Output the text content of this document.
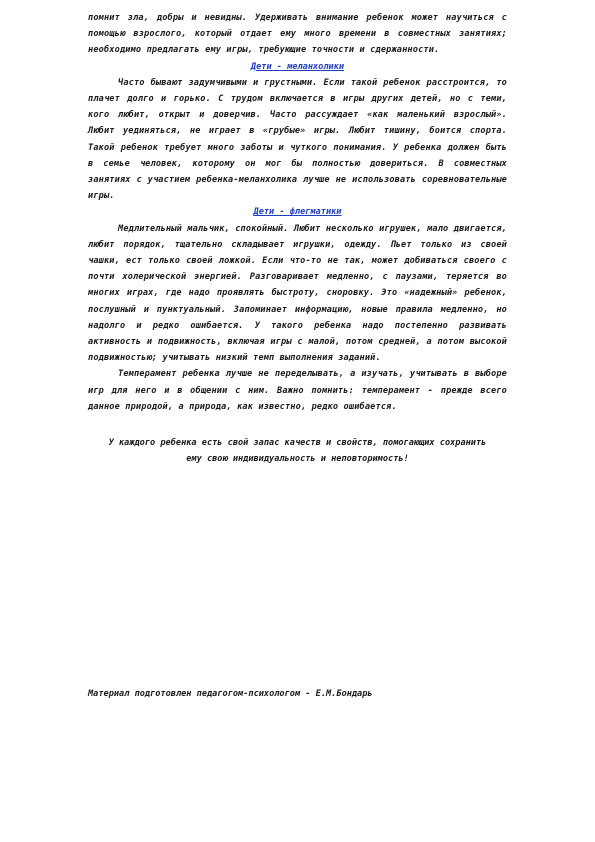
помнит зла, добры и невидны. Удерживать внимание ребенок может научиться с помощью взрослого, который отдает ему много времени в совместных занятиях; необходимо предлагать ему игры, требующие точности и сдержанности.

Дети - меланхолики

Часто бывают задумчивыми и грустными. Если такой ребенок расстроится, то плачет долго и горько. С трудом включается в игры других детей, но с теми, кого любит, открыт и доверчив. Часто рассуждает «как маленький взрослый». Любит уединяться, не играет в «грубые» игры. Любит тишину, боится спорта. Такой ребенок требует много заботы и чуткого понимания. У ребенка должен быть в семье человек, которому он мог бы полностью довериться. В совместных занятиях с участием ребенка-меланхолика лучше не использовать соревновательные игры.

Дети - флегматики

Медлительный мальчик, спокойный. Любит несколько игрушек, мало двигается, любит порядок, тщательно складывает игрушки, одежду. Пьет только из своей чашки, ест только своей ложкой. Если что-то не так, может добиваться своего с почти холерической энергией. Разговаривает медленно, с паузами, теряется во многих играх, где надо проявлять быстроту, сноровку. Это «надежный» ребенок, послушный и пунктуальный. Запоминает информацию, новые правила медленно, но надолго и редко ошибается. У такого ребенка надо постепенно развивать активность и подвижность, включая игры с малой, потом средней, а потом высокой подвижностью; учитывать низкий темп выполнения заданий.

Темперамент ребенка лучше не переделывать, а изучать, учитывать в выборе игр для него и в общении с ним. Важно помнить: темперамент - прежде всего данное природой, а природа, как известно, редко ошибается.

У каждого ребенка есть свой запас качеств и свойств, помогающих сохранить ему свою индивидуальность и неповторимость!

Материал подготовлен педагогом-психологом - Е.М.Бондарь
